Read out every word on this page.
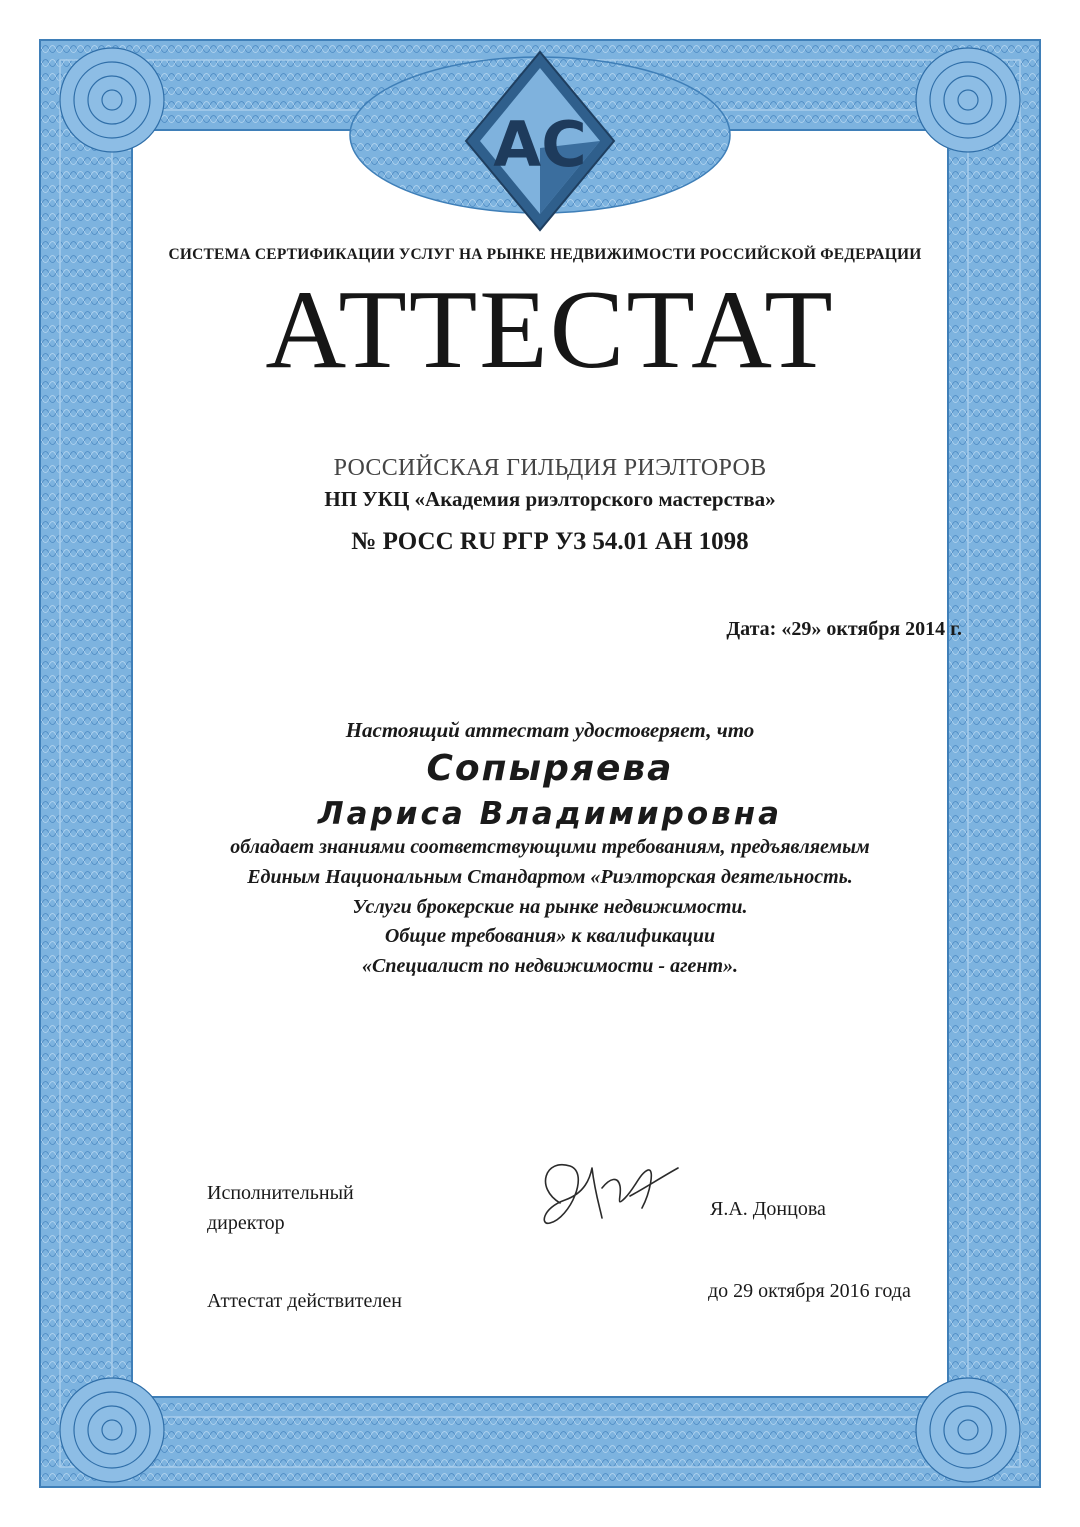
АС
СИСТЕМА СЕРТИФИКАЦИИ УСЛУГ НА РЫНКЕ НЕДВИЖИМОСТИ РОССИЙСКОЙ ФЕДЕРАЦИИ
АТТЕСТАТ
РОССИЙСКАЯ ГИЛЬДИЯ РИЭЛТОРОВ
НП УКЦ «Академия риэлторского мастерства»
№ РОСС RU РГР УЗ 54.01 АН 1098
Дата: «29» октября 2014 г.
Настоящий аттестат удостоверяет, что
Сопыряева
Лариса Владимировна
обладает знаниями соответствующими требованиям, предъявляемым
Единым Национальным Стандартом «Риэлторская деятельность.
Услуги брокерские на рынке недвижимости.
Общие требования» к квалификации
«Специалист по недвижимости - агент».
Исполнительный директор
Я.А. Донцова
Аттестат действителен	до 29 октября 2016 года
